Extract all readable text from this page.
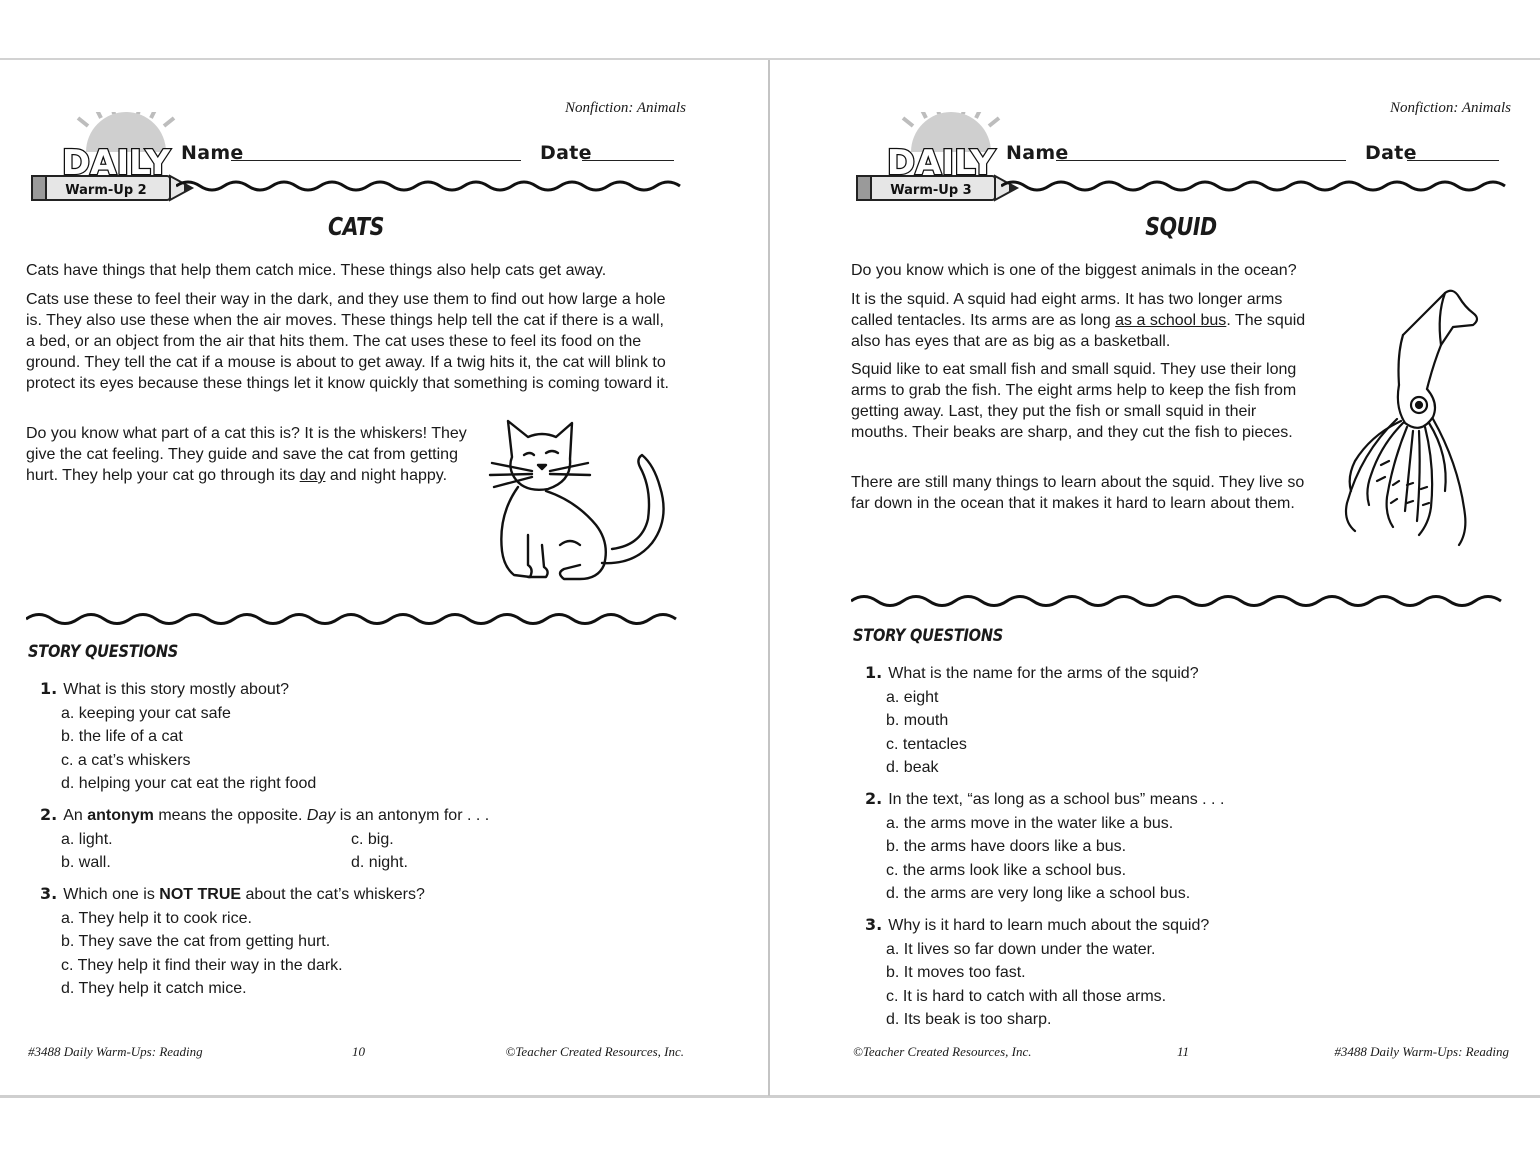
Nonfiction: Animals
DAILY
Warm-Up 2
Name	Date
CATS

Cats have things that help them catch mice. These things also help cats get away.

Cats use these to feel their way in the dark, and they use them to find out how large a hole is. They also use these when the air moves. These things help tell the cat if there is a wall, a bed, or an object from the air that hits them. The cat uses these to feel its food on the ground. They tell the cat if a mouse is about to get away. If a twig hits it, the cat will blink to protect its eyes because these things let it know quickly that something is coming toward it.

Do you know what part of a cat this is? It is the whiskers! They give the cat feeling. They guide and save the cat from getting hurt. They help your cat go through its day and night happy.

STORY QUESTIONS
1. What is this story mostly about?
a. keeping your cat safe
b. the life of a cat
c. a cat’s whiskers
d. helping your cat eat the right food
2. An antonym means the opposite. Day is an antonym for . . .
a. light.	c. big.
b. wall.	d. night.
3. Which one is NOT TRUE about the cat’s whiskers?
a. They help it to cook rice.
b. They save the cat from getting hurt.
c. They help it find their way in the dark.
d. They help it catch mice.
#3488 Daily Warm-Ups: Reading	10	©Teacher Created Resources, Inc.
Nonfiction: Animals
DAILY
Warm-Up 3
Name	Date
SQUID

Do you know which is one of the biggest animals in the ocean?

It is the squid. A squid had eight arms. It has two longer arms called tentacles. Its arms are as long as a school bus. The squid also has eyes that are as big as a basketball.

Squid like to eat small fish and small squid. They use their long arms to grab the fish. The eight arms help to keep the fish from getting away. Last, they put the fish or small squid in their mouths. Their beaks are sharp, and they cut the fish to pieces.

There are still many things to learn about the squid. They live so far down in the ocean that it makes it hard to learn about them.

STORY QUESTIONS
1. What is the name for the arms of the squid?
a. eight
b. mouth
c. tentacles
d. beak
2. In the text, “as long as a school bus” means . . .
a. the arms move in the water like a bus.
b. the arms have doors like a bus.
c. the arms look like a school bus.
d. the arms are very long like a school bus.
3. Why is it hard to learn much about the squid?
a. It lives so far down under the water.
b. It moves too fast.
c. It is hard to catch with all those arms.
d. Its beak is too sharp.
©Teacher Created Resources, Inc.	11	#3488 Daily Warm-Ups: Reading
